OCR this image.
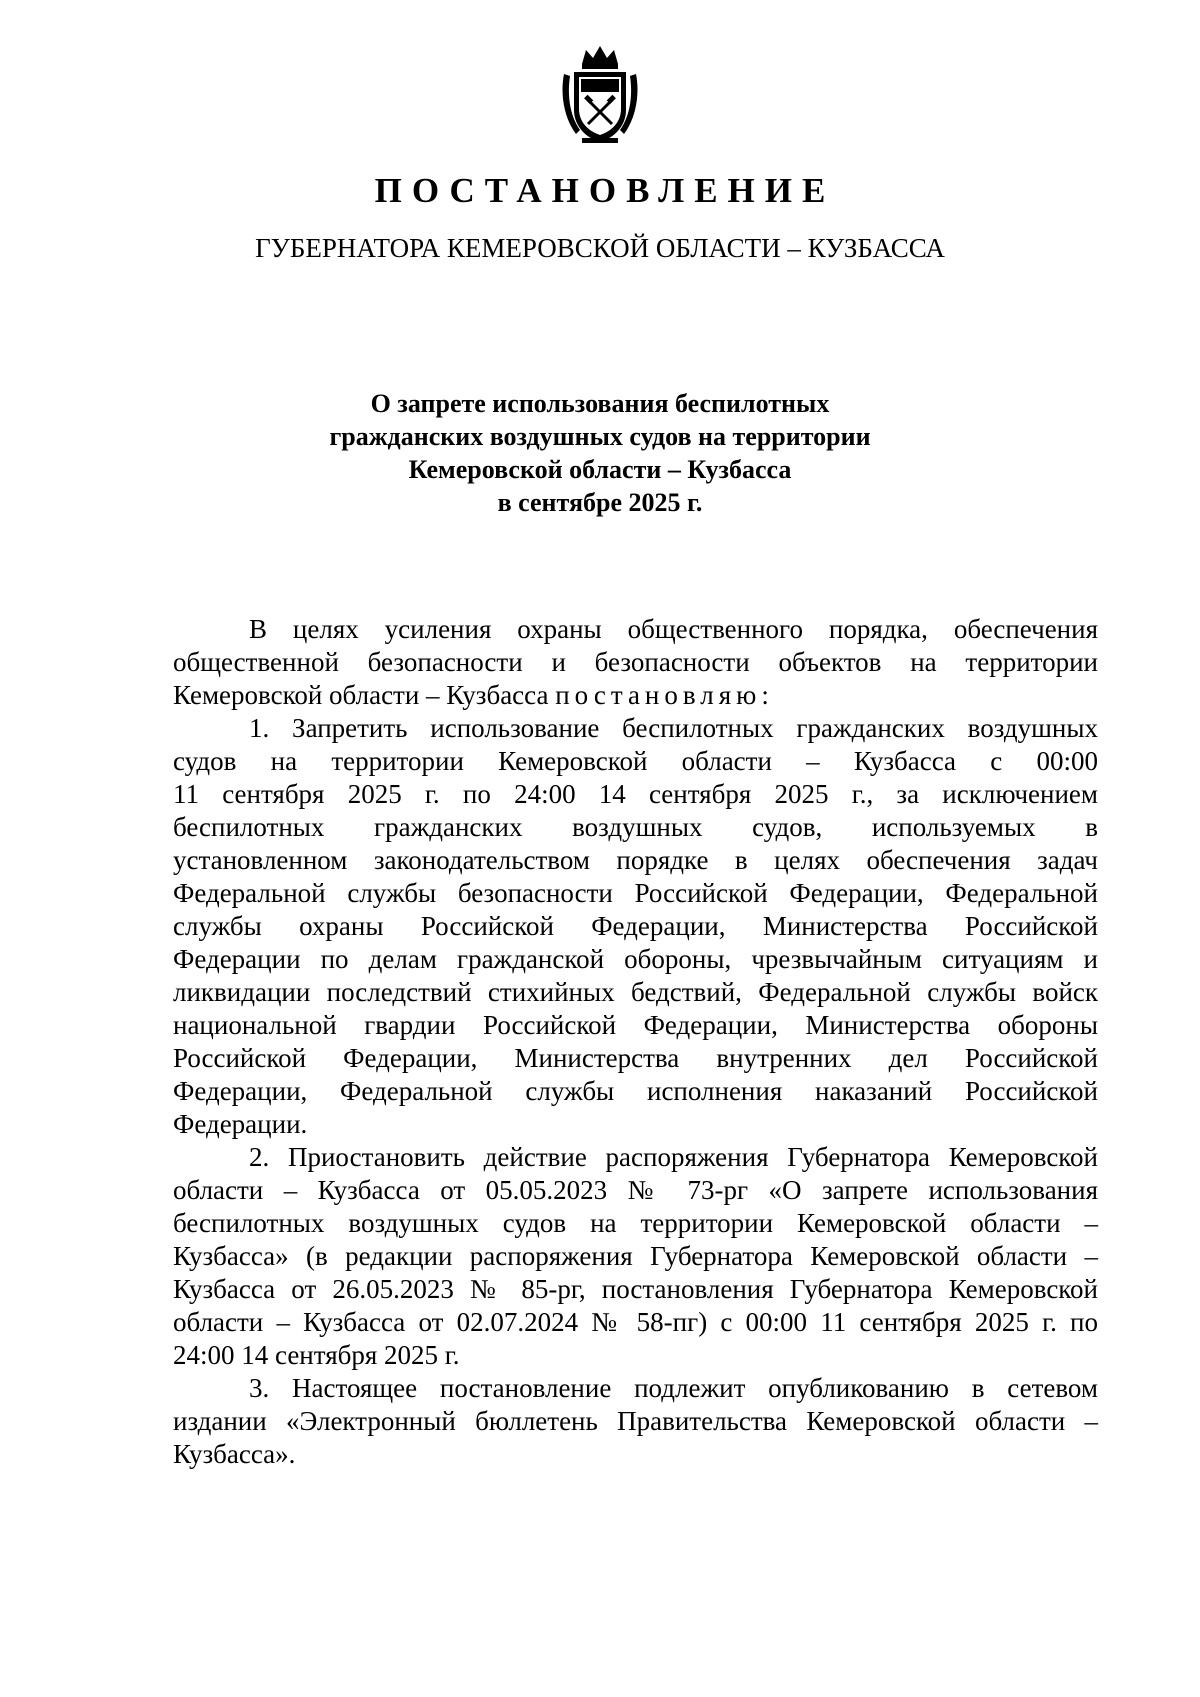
ПОСТАНОВЛЕНИЕ
ГУБЕРНАТОРА КЕМЕРОВСКОЙ ОБЛАСТИ – КУЗБАССА
О запрете использования беспилотных
гражданских воздушных судов на территории
Кемеровской области – Кузбасса
в сентябре 2025 г.
В целях усиления охраны общественного порядка, обеспечения
общественной безопасности и безопасности объектов на территории
Кемеровской области – Кузбасса постановляю:
1. Запретить использование беспилотных гражданских воздушных
судов на территории Кемеровской области – Кузбасса с 00:00
11 сентября 2025 г. по 24:00 14 сентября 2025 г., за исключением
беспилотных гражданских воздушных судов, используемых в
установленном законодательством порядке в целях обеспечения задач
Федеральной службы безопасности Российской Федерации, Федеральной
службы охраны Российской Федерации, Министерства Российской
Федерации по делам гражданской обороны, чрезвычайным ситуациям и
ликвидации последствий стихийных бедствий, Федеральной службы войск
национальной гвардии Российской Федерации, Министерства обороны
Российской Федерации, Министерства внутренних дел Российской
Федерации, Федеральной службы исполнения наказаний Российской
Федерации.
2. Приостановить действие распоряжения Губернатора Кемеровской
области – Кузбасса от 05.05.2023 № 73-рг «О запрете использования
беспилотных воздушных судов на территории Кемеровской области –
Кузбасса» (в редакции распоряжения Губернатора Кемеровской области –
Кузбасса от 26.05.2023 № 85-рг, постановления Губернатора Кемеровской
области – Кузбасса от 02.07.2024 № 58-пг) с 00:00 11 сентября 2025 г. по
24:00 14 сентября 2025 г.
3. Настоящее постановление подлежит опубликованию в сетевом
издании «Электронный бюллетень Правительства Кемеровской области –
Кузбасса».
